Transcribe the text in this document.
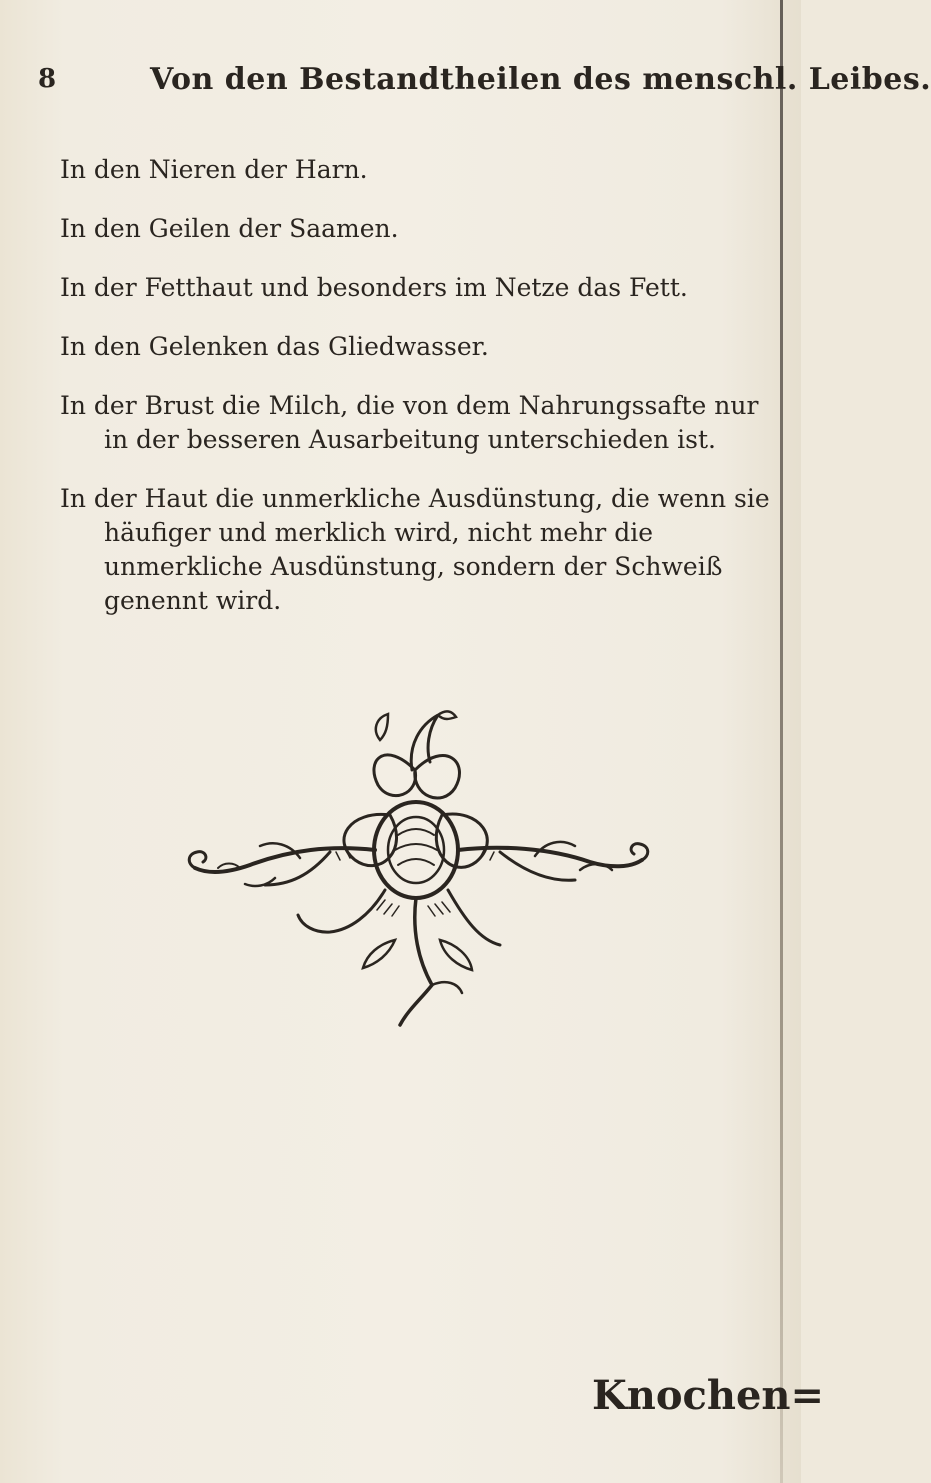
8	Von den Bestandtheilen des menschl. Leibes.

In den Nieren der Harn.

In den Geilen der Saamen.

In der Fetthaut und besonders im Netze das Fett.

In den Gelenken das Gliedwasser.

In der Brust die Milch, die von dem Nahrungssafte nur in der besseren Ausarbeitung unterschieden ist.

In der Haut die unmerkliche Ausdünstung, die wenn sie häufiger und merklich wird, nicht mehr die unmerkliche Ausdünstung, sondern der Schweiß genennt wird.

Knochen=
